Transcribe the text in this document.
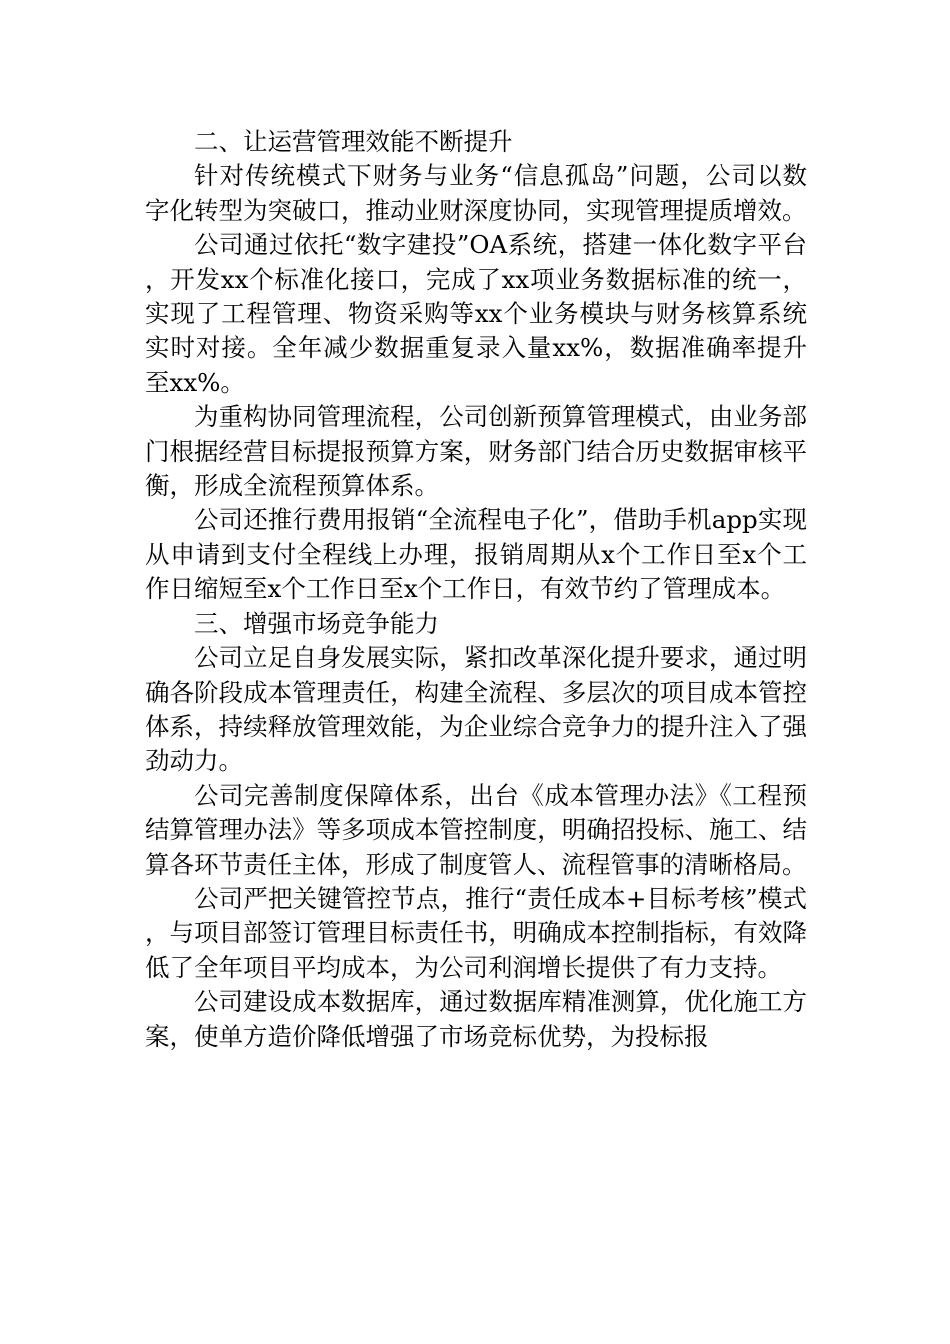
二、让运营管理效能不断提升

针对传统模式下财务与业务“信息孤岛”问题，公司以数字化转型为突破口，推动业财深度协同，实现管理提质增效。

公司通过依托“数字建投”OA系统，搭建一体化数字平台，开发xx个标准化接口，完成了xx项业务数据标准的统一，实现了工程管理、物资采购等xx个业务模块与财务核算系统实时对接。全年减少数据重复录入量xx%，数据准确率提升至xx%。

为重构协同管理流程，公司创新预算管理模式，由业务部门根据经营目标提报预算方案，财务部门结合历史数据审核平衡，形成全流程预算体系。

公司还推行费用报销“全流程电子化”，借助手机app实现从申请到支付全程线上办理，报销周期从x个工作日至x个工作日缩短至x个工作日至x个工作日，有效节约了管理成本。

三、增强市场竞争能力

公司立足自身发展实际，紧扣改革深化提升要求，通过明确各阶段成本管理责任，构建全流程、多层次的项目成本管控体系，持续释放管理效能，为企业综合竞争力的提升注入了强劲动力。

公司完善制度保障体系，出台《成本管理办法》《工程预结算管理办法》等多项成本管控制度，明确招投标、施工、结算各环节责任主体，形成了制度管人、流程管事的清晰格局。

公司严把关键管控节点，推行“责任成本+目标考核”模式，与项目部签订管理目标责任书，明确成本控制指标，有效降低了全年项目平均成本，为公司利润增长提供了有力支持。

公司建设成本数据库，通过数据库精准测算，优化施工方案，使单方造价降低增强了市场竞标优势，为投标报
